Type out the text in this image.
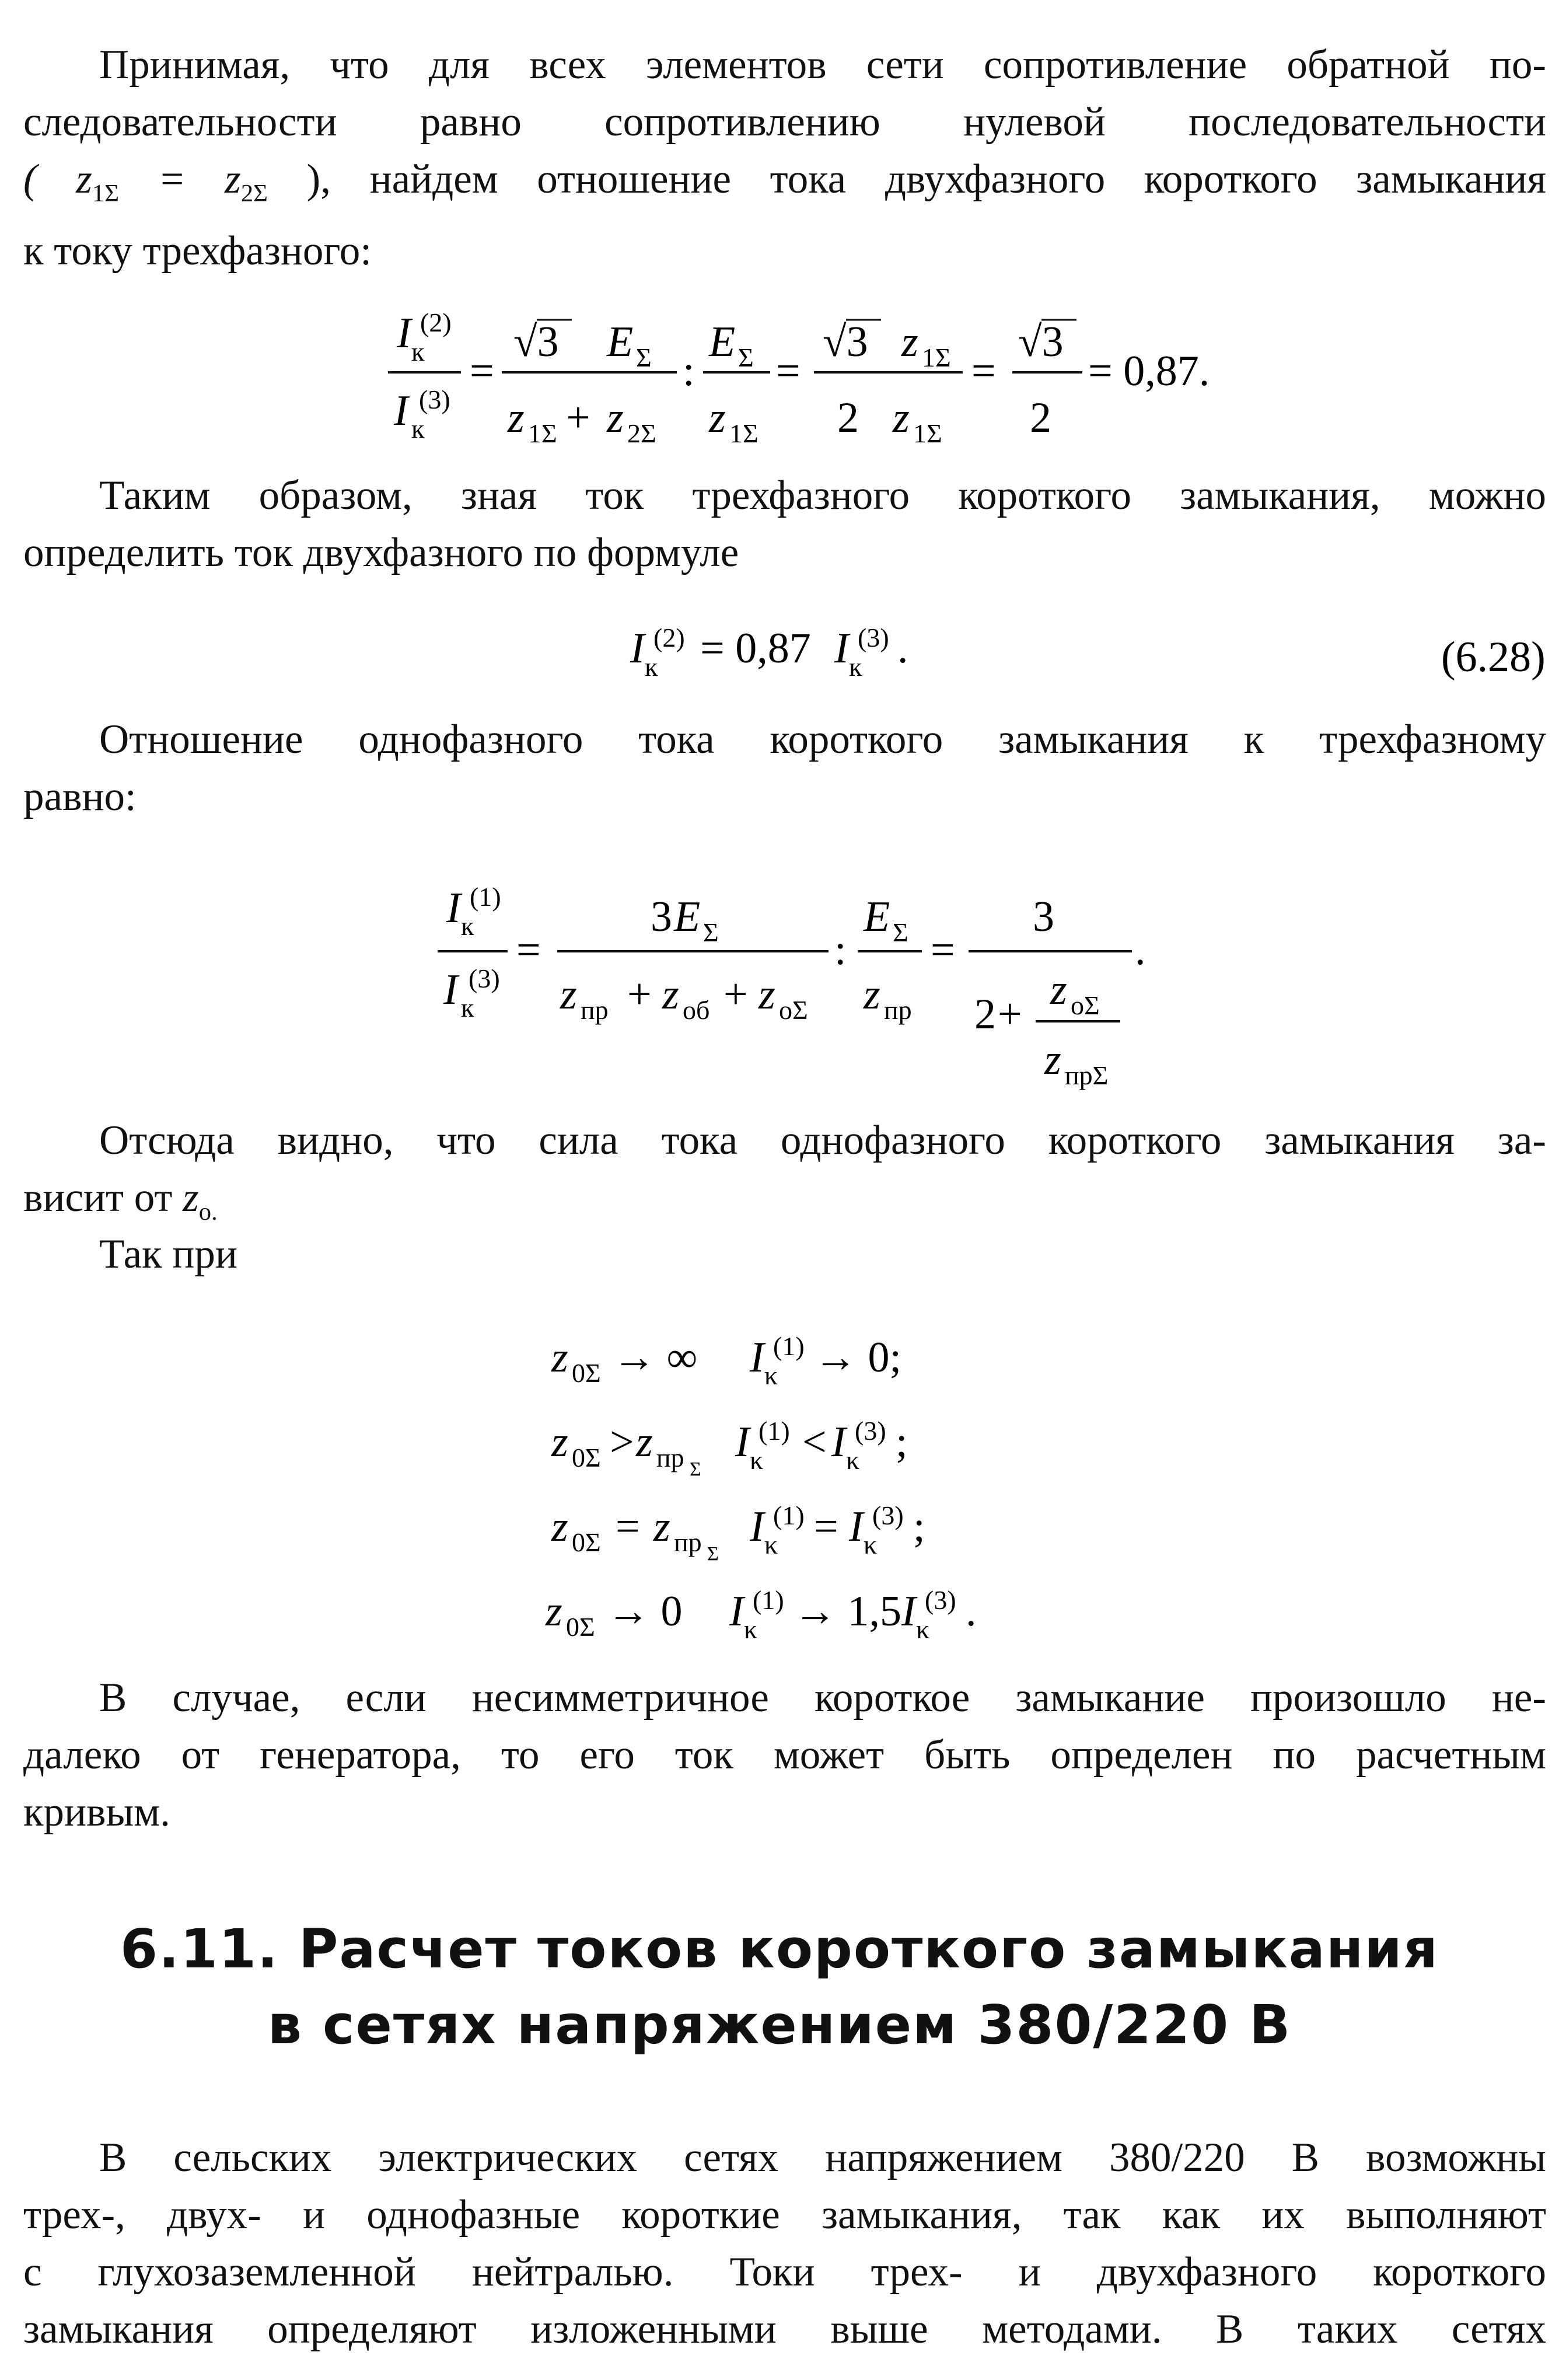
Принимая, что для всех элементов сети сопротивление обратной по-
следовательности равно сопротивлению нулевой последовательности
( $z_{1\Sigma} = z_{2\Sigma}$ ), найдем отношение тока двухфазного короткого замыкания
к току трехфазного:
I (2)
к
I (3)
к
=
√3 E Σ
z 1Σ + z 2Σ
:
E Σ
z 1Σ
=
√3 z 1Σ
2 z 1Σ
=
√3
2
= 0,87.
Таким образом, зная ток трехфазного короткого замыкания, можно
определить ток двухфазного по формуле
I (2)
к = 0,87 I (3)
к .	(6.28)
Отношение однофазного тока короткого замыкания к трехфазному
равно:
I (1)
к
I (3)
к
=
3 E Σ
z пр + z об + z оΣ
:
E Σ
z пр
=
3
2 +
z оΣ
z прΣ
.
Отсюда видно, что сила тока однофазного короткого замыкания за-
висит от $z_{о.}$
Так при
z 0Σ → ∞ I (1)
κ → 0;
z 0Σ > z пр Σ
I (1)
κ < I (3)
κ ;
z 0Σ = z пр Σ
I (1)
κ = I (3)
κ ;
z 0Σ → 0 I (1)
κ → 1,5 I (3)
κ .
В случае, если несимметричное короткое замыкание произошло не-
далеко от генератора, то его ток может быть определен по расчетным
кривым.
6.11. Расчет токов короткого замыкания
в сетях напряжением 380/220 В
В сельских электрических сетях напряжением 380/220 В возможны
трех-, двух- и однофазные короткие замыкания, так как их выполняют
с глухозаземленной нейтралью. Токи трех- и двухфазного короткого
замыкания определяют изложенными выше методами. В таких сетях
